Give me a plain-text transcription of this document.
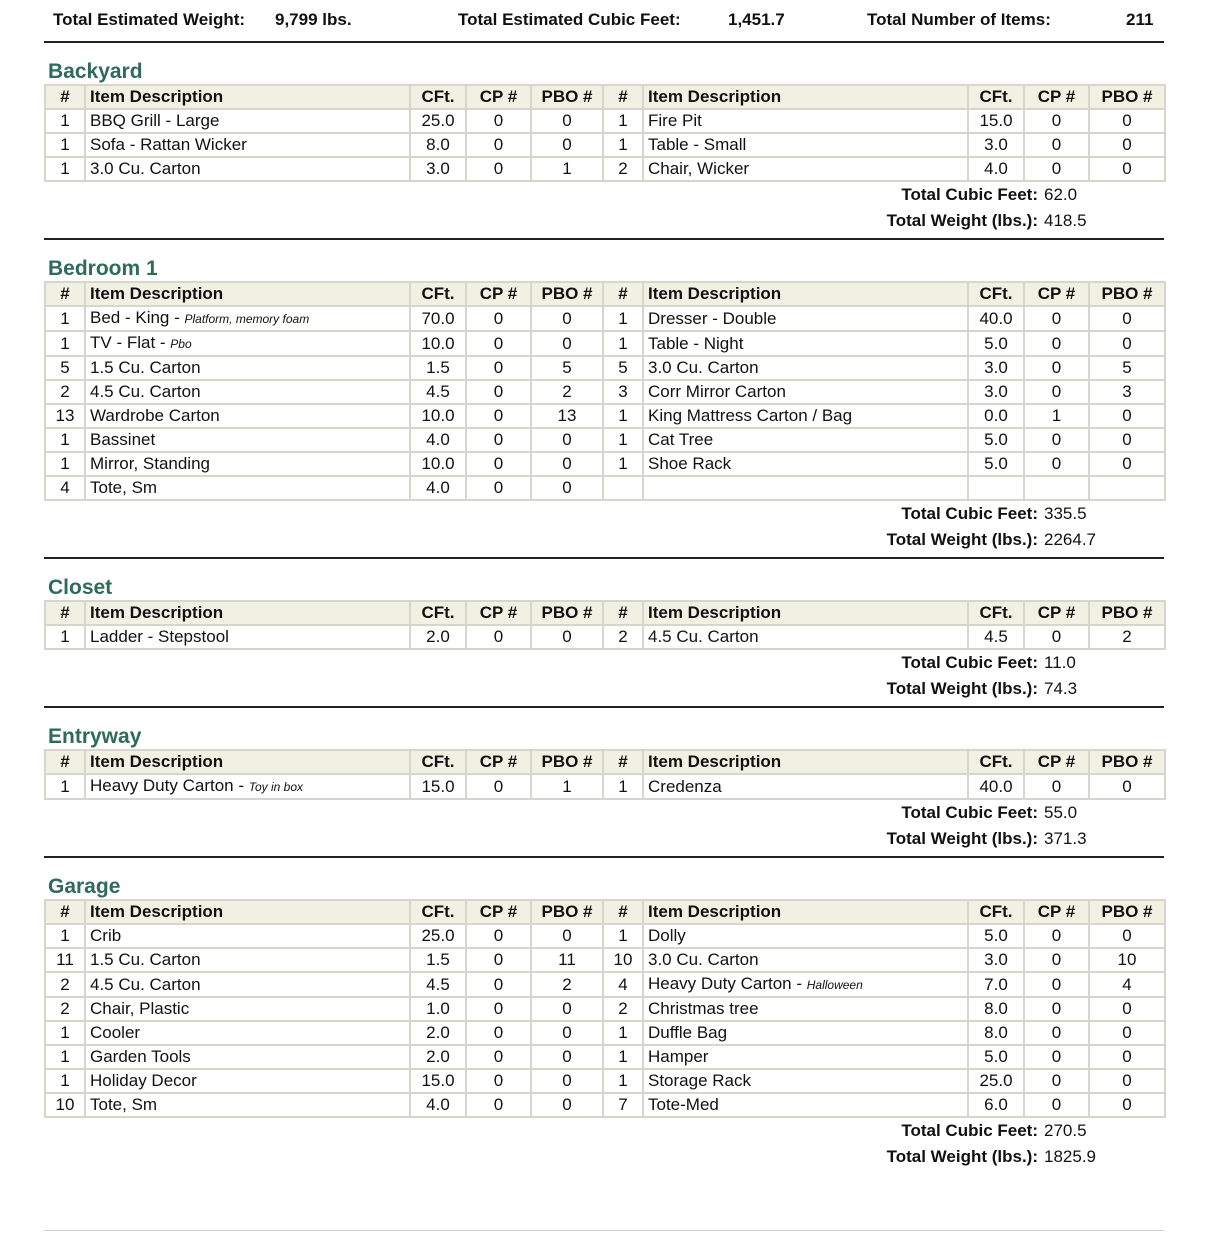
Total Estimated Weight: 9,799 lbs.	Total Estimated Cubic Feet:	1,451.7	Total Number of Items:	211
Backyard
#	Item Description	CFt.	CP #	PBO #	#	Item Description	CFt.	CP #	PBO #
1	BBQ Grill - Large	25.0	0	0	1	Fire Pit	15.0	0	0
1	Sofa - Rattan Wicker	8.0	0	0	1	Table - Small	3.0	0	0
1	3.0 Cu. Carton	3.0	0	1	2	Chair, Wicker	4.0	0	0
Total Cubic Feet: 62.0
Total Weight (lbs.): 418.5
Bedroom 1
#	Item Description	CFt.	CP #	PBO #	#	Item Description	CFt.	CP #	PBO #
1	Bed - King - Platform, memory foam	70.0	0	0	1	Dresser - Double	40.0	0	0
1	TV - Flat - Pbo	10.0	0	0	1	Table - Night	5.0	0	0
5	1.5 Cu. Carton	1.5	0	5	5	3.0 Cu. Carton	3.0	0	5
2	4.5 Cu. Carton	4.5	0	2	3	Corr Mirror Carton	3.0	0	3
13	Wardrobe Carton	10.0	0	13	1	King Mattress Carton / Bag	0.0	1	0
1	Bassinet	4.0	0	0	1	Cat Tree	5.0	0	0
1	Mirror, Standing	10.0	0	0	1	Shoe Rack	5.0	0	0
4	Tote, Sm	4.0	0	0					
Total Cubic Feet: 335.5
Total Weight (lbs.): 2264.7
Closet
#	Item Description	CFt.	CP #	PBO #	#	Item Description	CFt.	CP #	PBO #
1	Ladder - Stepstool	2.0	0	0	2	4.5 Cu. Carton	4.5	0	2
Total Cubic Feet: 11.0
Total Weight (lbs.): 74.3
Entryway
#	Item Description	CFt.	CP #	PBO #	#	Item Description	CFt.	CP #	PBO #
1	Heavy Duty Carton - Toy in box	15.0	0	1	1	Credenza	40.0	0	0
Total Cubic Feet: 55.0
Total Weight (lbs.): 371.3
Garage
#	Item Description	CFt.	CP #	PBO #	#	Item Description	CFt.	CP #	PBO #
1	Crib	25.0	0	0	1	Dolly	5.0	0	0
11	1.5 Cu. Carton	1.5	0	11	10	3.0 Cu. Carton	3.0	0	10
2	4.5 Cu. Carton	4.5	0	2	4	Heavy Duty Carton - Halloween	7.0	0	4
2	Chair, Plastic	1.0	0	0	2	Christmas tree	8.0	0	0
1	Cooler	2.0	0	0	1	Duffle Bag	8.0	0	0
1	Garden Tools	2.0	0	0	1	Hamper	5.0	0	0
1	Holiday Decor	15.0	0	0	1	Storage Rack	25.0	0	0
10	Tote, Sm	4.0	0	0	7	Tote-Med	6.0	0	0
Total Cubic Feet: 270.5
Total Weight (lbs.): 1825.9
